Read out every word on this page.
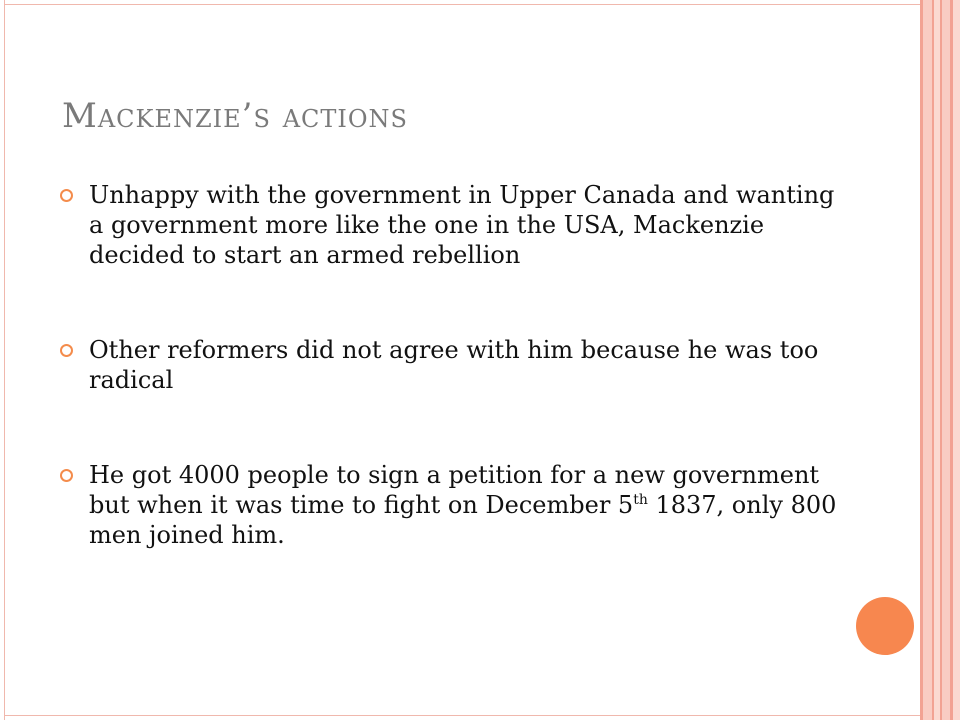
Mackenzie’s actions
Unhappy with the government in Upper Canada and wanting a government more like the one in the USA, Mackenzie decided to start an armed rebellion
Other reformers did not agree with him because he was too radical
He got 4000 people to sign a petition for a new government but when it was time to fight on December 5th 1837, only 800 men joined him.
